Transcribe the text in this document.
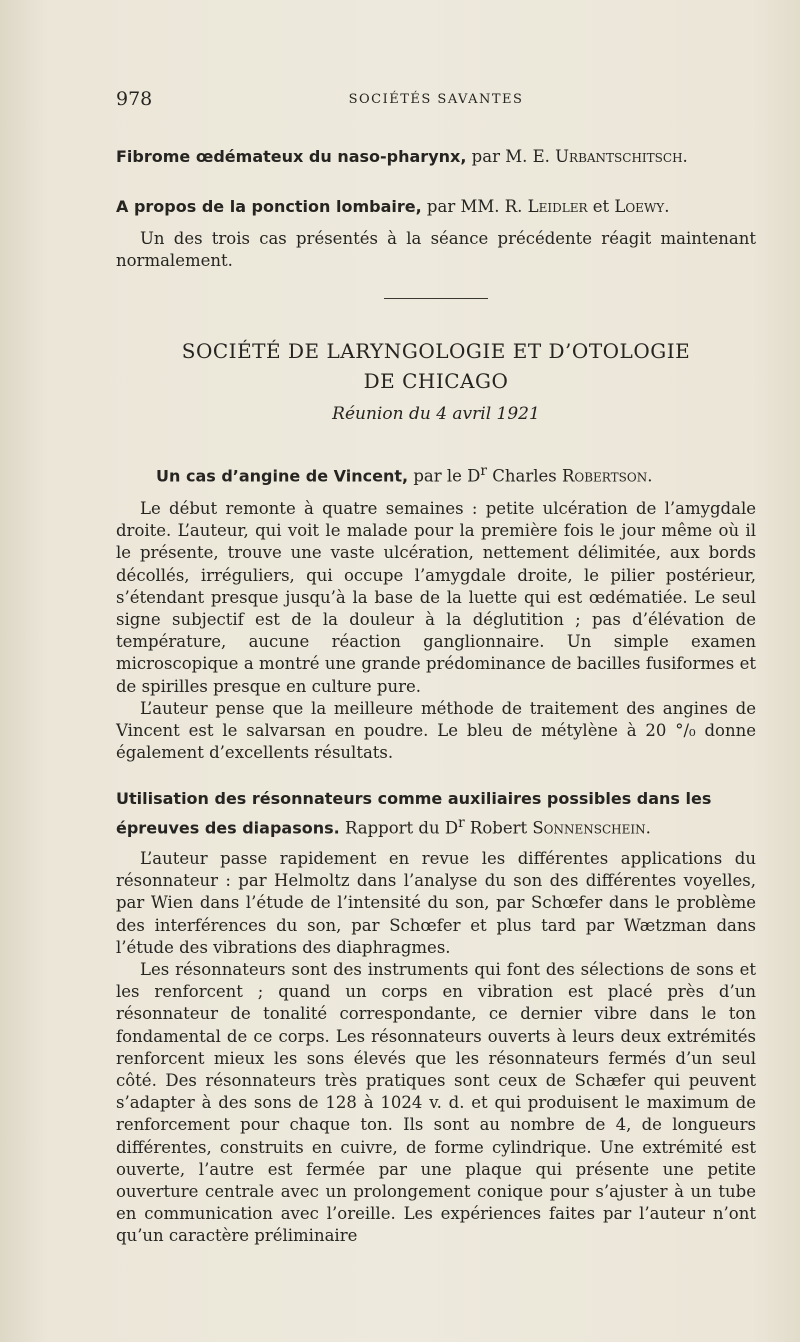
978	SOCIÉTÉS SAVANTES

Fibrome œdémateux du naso-pharynx, par M. E. Urbantschitsch.

A propos de la ponction lombaire, par MM. R. Leidler et Loewy.

Un des trois cas présentés à la séance précédente réagit maintenant normalement.

SOCIÉTÉ DE LARYNGOLOGIE ET D’OTOLOGIE
DE CHICAGO
Réunion du 4 avril 1921

Un cas d’angine de Vincent, par le $D^r$ Charles Robertson.

Le début remonte à quatre semaines : petite ulcération de l’amygdale droite. L’auteur, qui voit le malade pour la première fois le jour même où il le présente, trouve une vaste ulcération, nettement délimitée, aux bords décollés, irréguliers, qui occupe l’amygdale droite, le pilier postérieur, s’étendant presque jusqu’à la base de la luette qui est œdématiée. Le seul signe subjectif est de la douleur à la déglutition ; pas d’élévation de température, aucune réaction ganglionnaire. Un simple examen microscopique a montré une grande prédominance de bacilles fusiformes et de spirilles presque en culture pure.

L’auteur pense que la meilleure méthode de traitement des angines de Vincent est le salvarsan en poudre. Le bleu de métylène à 20 °/₀ donne également d’excellents résultats.

Utilisation des résonnateurs comme auxiliaires possibles dans les épreuves des diapasons. Rapport du $D^r$ Robert Sonnenschein.

L’auteur passe rapidement en revue les différentes applications du résonnateur : par Helmoltz dans l’analyse du son des différentes voyelles, par Wien dans l’étude de l’intensité du son, par Schœfer dans le problème des interférences du son, par Schœfer et plus tard par Wætzman dans l’étude des vibrations des diaphragmes.

Les résonnateurs sont des instruments qui font des sélections de sons et les renforcent ; quand un corps en vibration est placé près d’un résonnateur de tonalité correspondante, ce dernier vibre dans le ton fondamental de ce corps. Les résonnateurs ouverts à leurs deux extrémités renforcent mieux les sons élevés que les résonnateurs fermés d’un seul côté. Des résonnateurs très pratiques sont ceux de Schæfer qui peuvent s’adapter à des sons de 128 à 1024 v. d. et qui produisent le maximum de renforcement pour chaque ton. Ils sont au nombre de 4, de longueurs différentes, construits en cuivre, de forme cylindrique. Une extrémité est ouverte, l’autre est fermée par une plaque qui présente une petite ouverture centrale avec un prolongement conique pour s’ajuster à un tube en communication avec l’oreille. Les expériences faites par l’auteur n’ont qu’un caractère préliminaire
